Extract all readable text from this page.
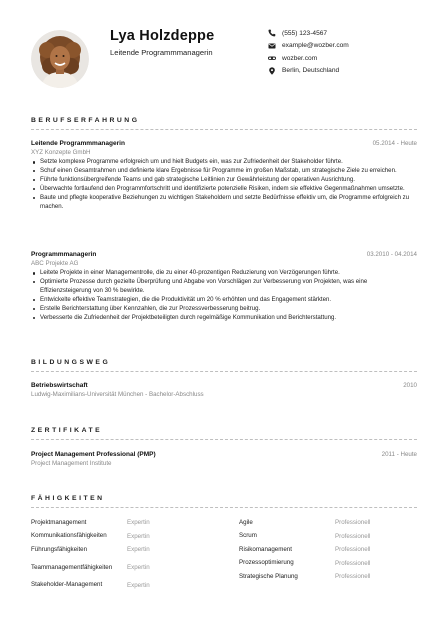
Lya Holzdeppe
Leitende Programmmanagerin
(555) 123-4567
example@wozber.com
wozber.com
Berlin, Deutschland
BERUFSERFAHRUNG
Leitende Programmmanagerin	05.2014 - Heute
XYZ Konzepte GmbH
Setzte komplexe Programme erfolgreich um und hielt Budgets ein, was zur Zufriedenheit der Stakeholder führte.
Schuf einen Gesamtrahmen und definierte klare Ergebnisse für Programme im großen Maßstab, um strategische Ziele zu erreichen.
Führte funktionsübergreifende Teams und gab strategische Leitlinien zur Gewährleistung der operativen Ausrichtung.
Überwachte fortlaufend den Programmfortschritt und identifizierte potenzielle Risiken, indem sie effektive Gegenmaßnahmen umsetzte.
Baute und pflegte kooperative Beziehungen zu wichtigen Stakeholdern und setzte Bedürfnisse effektiv um, die Programme erfolgreich zu machen.
Programmmanagerin	03.2010 - 04.2014
ABC Projekte AG
Leitete Projekte in einer Managementrolle, die zu einer 40-prozentigen Reduzierung von Verzögerungen führte.
Optimierte Prozesse durch gezielte Überprüfung und Abgabe von Vorschlägen zur Verbesserung von Projekten, was eine Effizienzsteigerung von 30 % bewirkte.
Entwickelte effektive Teamstrategien, die die Produktivität um 20 % erhöhten und das Engagement stärkten.
Erstelle Berichterstattung über Kennzahlen, die zur Prozessverbesserung beitrug.
Verbesserte die Zufriedenheit der Projektbeteiligten durch regelmäßige Kommunikation und Berichterstattung.
BILDUNGSWEG
Betriebswirtschaft	2010
Ludwig-Maximilians-Universität München - Bachelor-Abschluss
ZERTIFIKATE
Project Management Professional (PMP)	2011 - Heute
Project Management Institute
FÄHIGKEITEN
Projektmanagement	Expertin
Kommunikationsfähigkeiten	Expertin
Führungsfähigkeiten	Expertin
Teammanagementfähigkeiten	Expertin
Stakeholder-Management	Expertin
Agile	Professionell
Scrum	Professionell
Risikomanagement	Professionell
Prozessoptimierung	Professionell
Strategische Planung	Professionell
